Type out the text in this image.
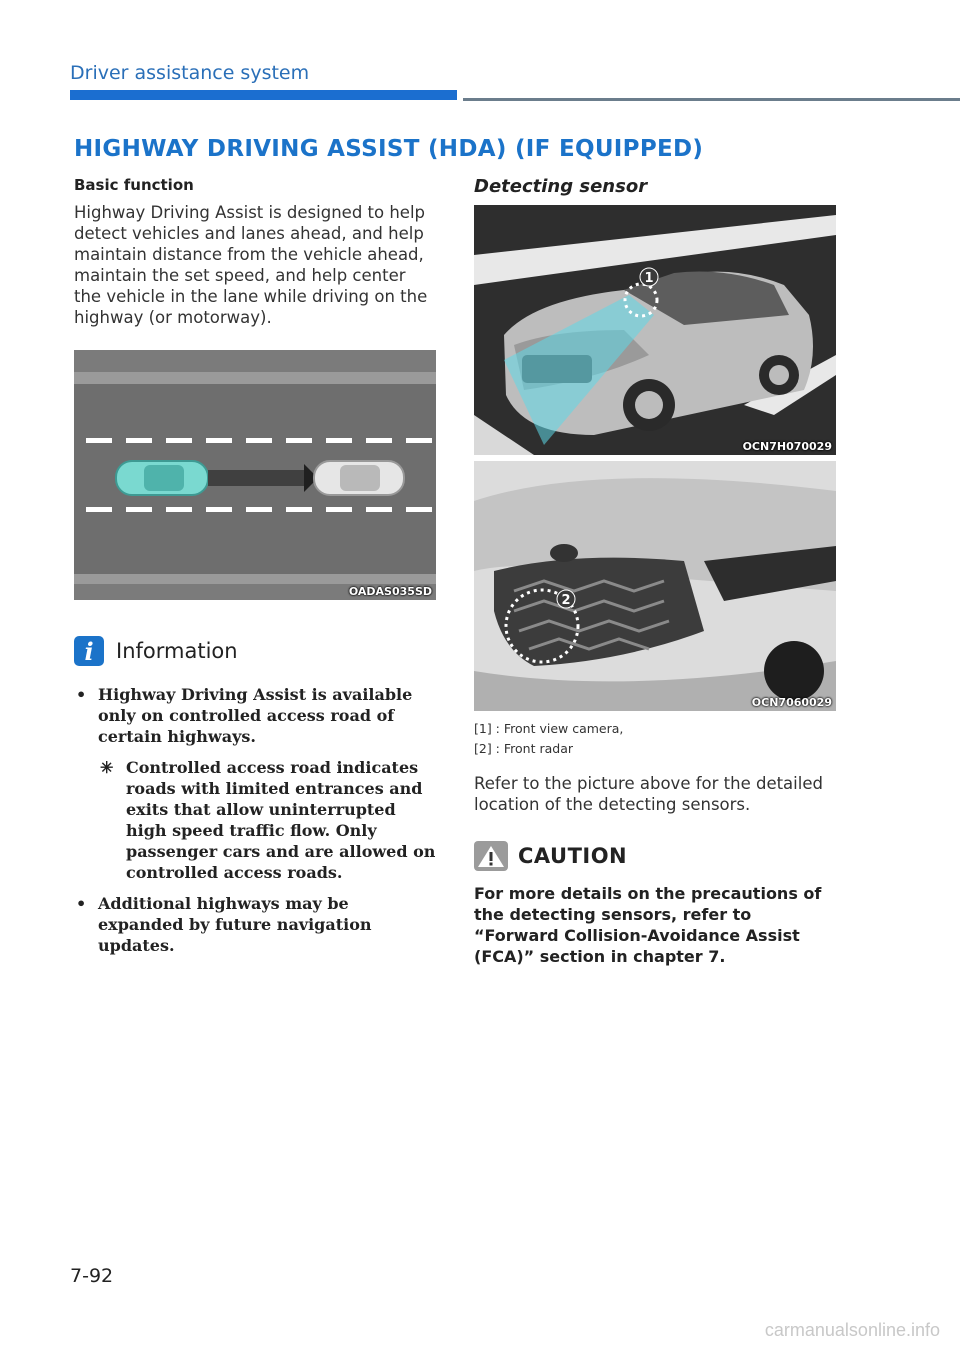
Driver assistance system
HIGHWAY DRIVING ASSIST (HDA) (IF EQUIPPED)
Basic function

Highway Driving Assist is designed to help detect vehicles and lanes ahead, and help maintain distance from the vehicle ahead, maintain the set speed, and help center the vehicle in the lane while driving on the highway (or motorway).

OADAS035SD
i	Information
• Highway Driving Assist is available only on controlled access road of certain highways.
✳ Controlled access road indicates roads with limited entrances and exits that allow uninterrupted high speed traffic flow. Only passenger cars and are allowed on controlled access roads.
• Additional highways may be expanded by future navigation updates.
Detecting sensor
1
OCN7H070029
2
OCN7060029
[1] : Front view camera,
[2] : Front radar

Refer to the picture above for the detailed location of the detecting sensors.

CAUTION
For more details on the precautions of the detecting sensors, refer to “Forward Collision-Avoidance Assist (FCA)” section in chapter 7.
7-92
carmanualsonline.info
